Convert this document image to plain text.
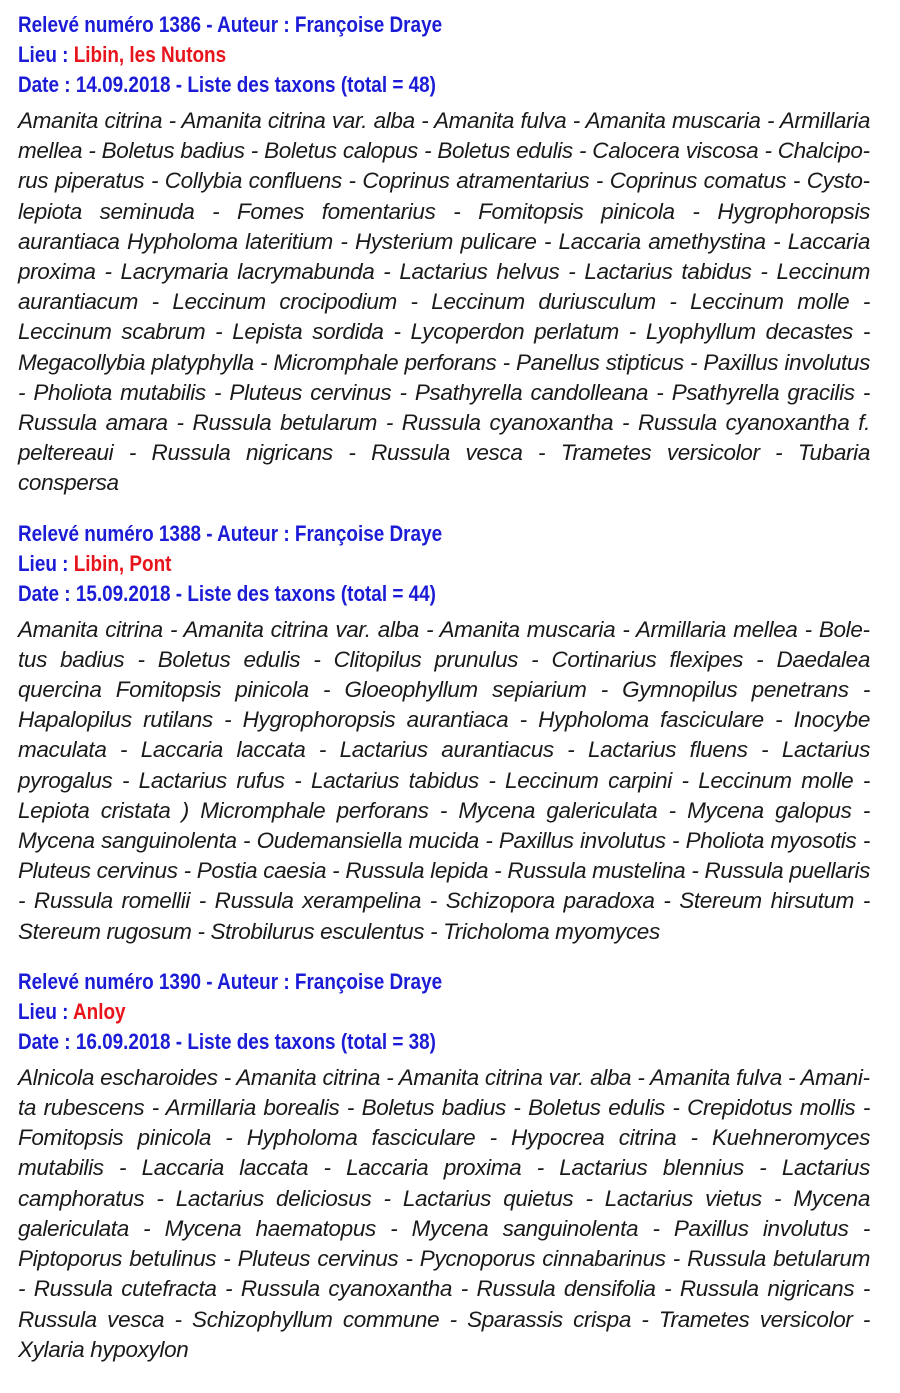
Relevé numéro 1386 - Auteur : Françoise Draye
Lieu : Libin, les Nutons
Date : 14.09.2018 - Liste des taxons (total = 48)
Amanita citrina - Amanita citrina var. alba - Amanita fulva - Amanita muscaria - Armillaria mellea - Boletus badius - Boletus calopus - Boletus edulis - Calocera viscosa - Chalciporus piperatus - Collybia confluens - Coprinus atramentarius - Coprinus comatus - Cystolepiota seminuda - Fomes fomentarius - Fomitopsis pinicola - Hygrophoropsis aurantiaca Hypholoma lateritium - Hysterium pulicare - Laccaria amethystina - Laccaria proxima - Lacrymaria lacrymabunda - Lactarius helvus - Lactarius tabidus - Leccinum aurantiacum - Leccinum crocipodium - Leccinum duriusculum - Leccinum molle - Leccinum scabrum - Lepista sordida - Lycoperdon perlatum - Lyophyllum decastes - Megacollybia platyphylla - Micromphale perforans - Panellus stipticus - Paxillus involutus - Pholiota mutabilis - Pluteus cervinus - Psathyrella candolleana - Psathyrella gracilis - Russula amara - Russula betularum - Russula cyanoxantha - Russula cyanoxantha f. peltereaui - Russula nigricans - Russula vesca - Trametes versicolor - Tubaria conspersa
Relevé numéro 1388 - Auteur : Françoise Draye
Lieu : Libin, Pont
Date : 15.09.2018 - Liste des taxons (total = 44)
Amanita citrina - Amanita citrina var. alba - Amanita muscaria - Armillaria mellea - Boletus badius - Boletus edulis - Clitopilus prunulus - Cortinarius flexipes - Daedalea quercina Fomitopsis pinicola - Gloeophyllum sepiarium - Gymnopilus penetrans - Hapalopilus rutilans - Hygrophoropsis aurantiaca - Hypholoma fasciculare - Inocybe maculata - Laccaria laccata - Lactarius aurantiacus - Lactarius fluens - Lactarius pyrogalus - Lactarius rufus - Lactarius tabidus - Leccinum carpini - Leccinum molle - Lepiota cristata ) Micromphale perforans - Mycena galericulata - Mycena galopus - Mycena sanguinolenta - Oudemansiella mucida - Paxillus involutus - Pholiota myosotis - Pluteus cervinus - Postia caesia - Russula lepida - Russula mustelina - Russula puellaris - Russula romellii - Russula xerampelina - Schizopora paradoxa - Stereum hirsutum - Stereum rugosum - Strobilurus esculentus - Tricholoma myomyces
Relevé numéro 1390 - Auteur : Françoise Draye
Lieu : Anloy
Date : 16.09.2018 - Liste des taxons (total = 38)
Alnicola escharoides - Amanita citrina - Amanita citrina var. alba - Amanita fulva - Amanita rubescens - Armillaria borealis - Boletus badius - Boletus edulis - Crepidotus mollis - Fomitopsis pinicola - Hypholoma fasciculare - Hypocrea citrina - Kuehneromyces mutabilis - Laccaria laccata - Laccaria proxima - Lactarius blennius - Lactarius camphoratus - Lactarius deliciosus - Lactarius quietus - Lactarius vietus - Mycena galericulata - Mycena haematopus - Mycena sanguinolenta - Paxillus involutus - Piptoporus betulinus - Pluteus cervinus - Pycnoporus cinnabarinus - Russula betularum - Russula cutefracta - Russula cyanoxantha - Russula densifolia - Russula nigricans - Russula vesca - Schizophyllum commune - Sparassis crispa - Trametes versicolor - Xylaria hypoxylon
